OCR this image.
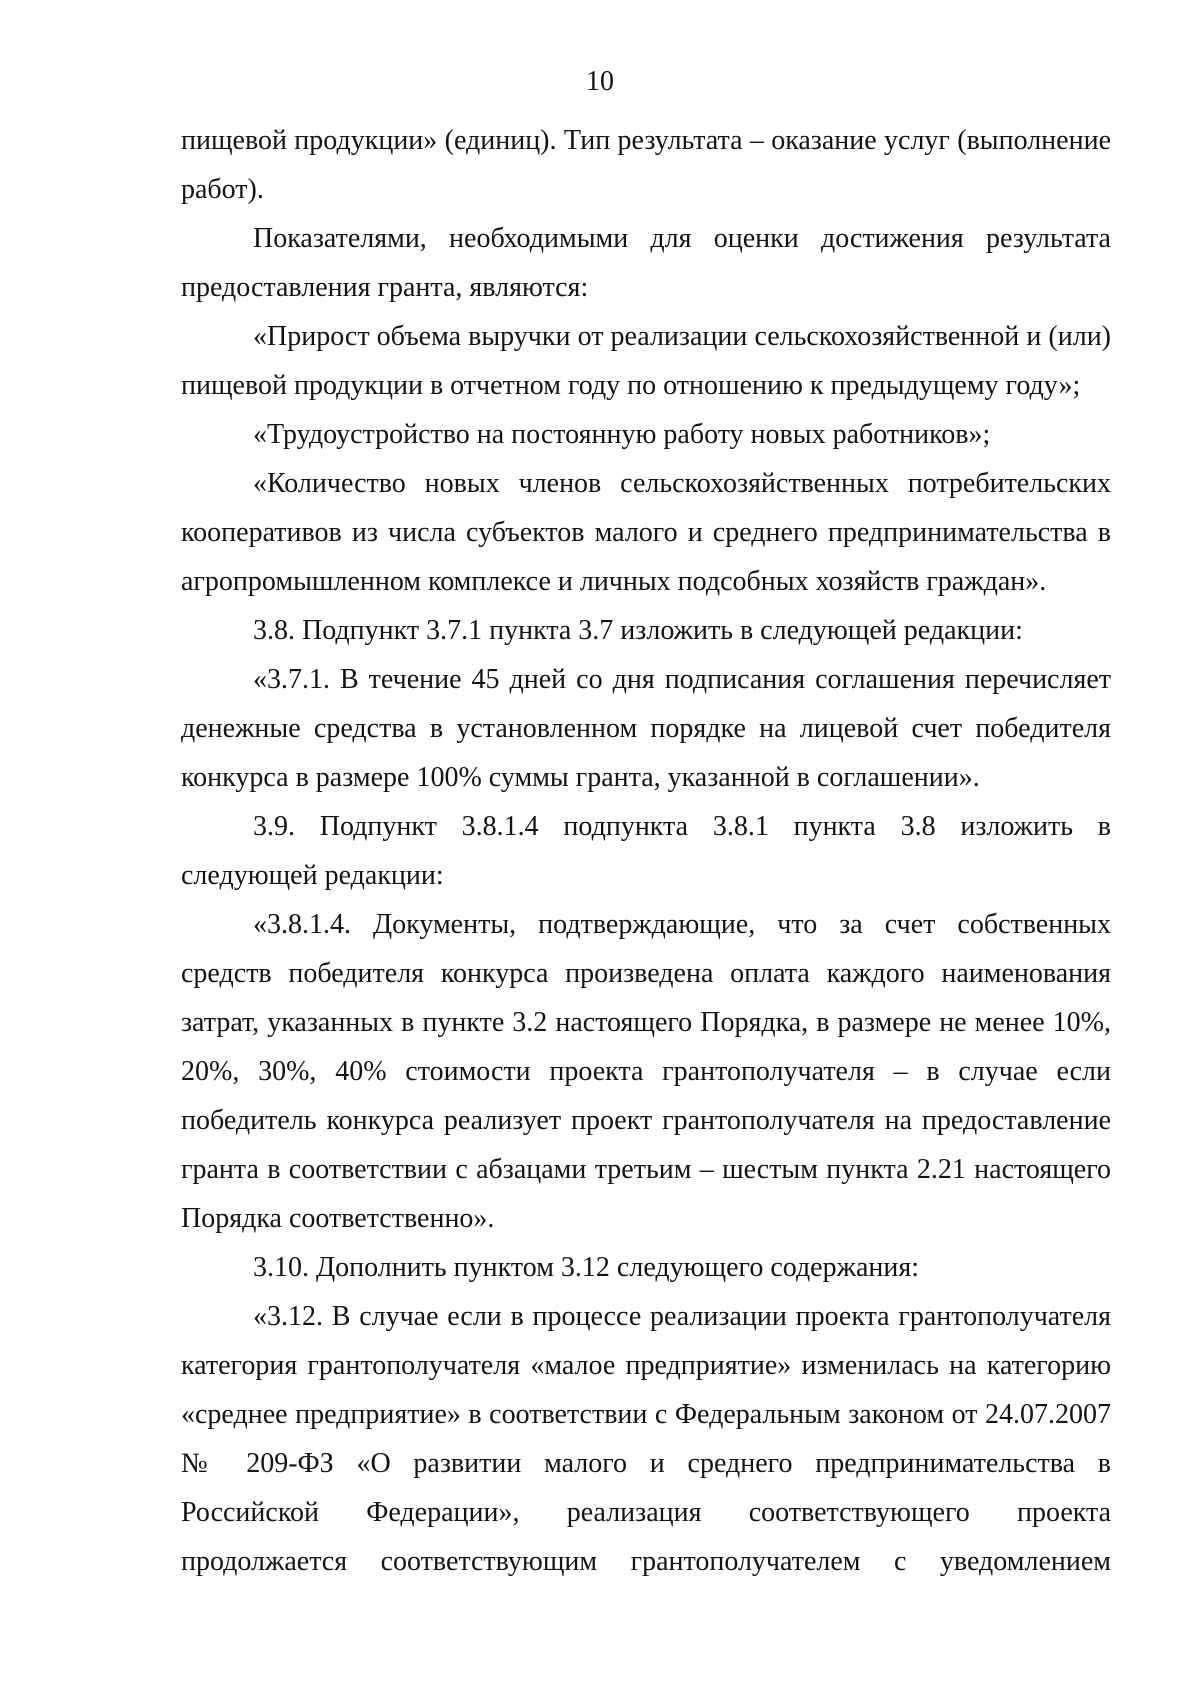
10

пищевой продукции» (единиц). Тип результата – оказание услуг (выполнение работ).

Показателями, необходимыми для оценки достижения результата предоставления гранта, являются:

«Прирост объема выручки от реализации сельскохозяйственной и (или) пищевой продукции в отчетном году по отношению к предыдущему году»;

«Трудоустройство на постоянную работу новых работников»;

«Количество новых членов сельскохозяйственных потребительских кооперативов из числа субъектов малого и среднего предпринимательства в агропромышленном комплексе и личных подсобных хозяйств граждан».

3.8. Подпункт 3.7.1 пункта 3.7 изложить в следующей редакции:

«3.7.1. В течение 45 дней со дня подписания соглашения перечисляет денежные средства в установленном порядке на лицевой счет победителя конкурса в размере 100% суммы гранта, указанной в соглашении».

3.9. Подпункт 3.8.1.4 подпункта 3.8.1 пункта 3.8 изложить в следующей редакции:

«3.8.1.4. Документы, подтверждающие, что за счет собственных средств победителя конкурса произведена оплата каждого наименования затрат, указанных в пункте 3.2 настоящего Порядка, в размере не менее 10%, 20%, 30%, 40% стоимости проекта грантополучателя – в случае если победитель конкурса реализует проект грантополучателя на предоставление гранта в соответствии с абзацами третьим – шестым пункта 2.21 настоящего Порядка соответственно».

3.10. Дополнить пунктом 3.12 следующего содержания:

«3.12. В случае если в процессе реализации проекта грантополучателя категория грантополучателя «малое предприятие» изменилась на категорию «среднее предприятие» в соответствии с Федеральным законом от 24.07.2007 № 209-ФЗ «О развитии малого и среднего предпринимательства в Российской Федерации», реализация соответствующего проекта продолжается соответствующим грантополучателем с уведомлением
